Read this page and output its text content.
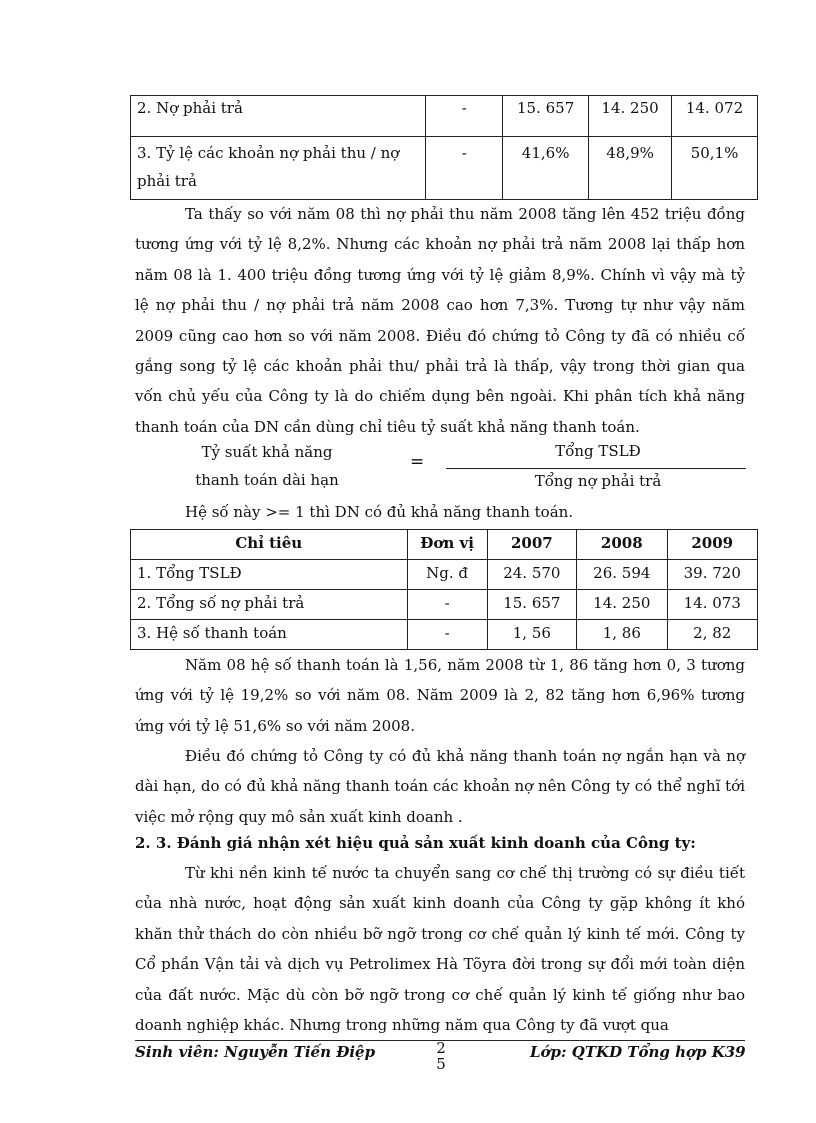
2. Nợ phải trả	-	15. 657	14. 250	14. 072
3. Tỷ lệ các khoản nợ phải thu / nợ phải trả	-	41,6%	48,9%	50,1%

Ta thấy so với năm 08 thì nợ phải thu năm 2008 tăng lên 452 triệu đồng tương ứng với tỷ lệ 8,2%. Nhưng các khoản nợ phải trả năm 2008 lại thấp hơn năm 08 là 1. 400 triệu đồng tương ứng với tỷ lệ giảm 8,9%. Chính vì vậy mà tỷ lệ nợ phải thu / nợ phải trả năm 2008 cao hơn 7,3%. Tương tự như vậy năm 2009 cũng cao hơn so với năm 2008. Điều đó chứng tỏ Công ty đã có nhiều cố gắng song tỷ lệ các khoản phải thu/ phải trả là thấp, vậy trong thời gian qua vốn chủ yếu của Công ty là do chiếm dụng bên ngoài. Khi phân tích khả năng thanh toán của DN cần dùng chỉ tiêu tỷ suất khả năng thanh toán.

Tỷ suất khả năng
thanh toán dài hạn
=
Tổng TSLĐ
Tổng nợ phải trả

Hệ số này >= 1 thì DN có đủ khả năng thanh toán.

Chỉ tiêu	Đơn vị	2007	2008	2009
1. Tổng TSLĐ	Ng. đ	24. 570	26. 594	39. 720
2. Tổng số nợ phải trả	-	15. 657	14. 250	14. 073
3. Hệ số thanh toán	-	1, 56	1, 86	2, 82

Năm 08 hệ số thanh toán là 1,56, năm 2008 từ 1, 86 tăng hơn 0, 3 tương ứng với tỷ lệ 19,2% so với năm 08. Năm 2009 là 2, 82 tăng hơn 6,96% tương ứng với tỷ lệ 51,6% so với năm 2008.

Điều đó chứng tỏ Công ty có đủ khả năng thanh toán nợ ngắn hạn và nợ dài hạn, do có đủ khả năng thanh toán các khoản nợ nên Công ty có thể nghĩ tới việc mở rộng quy mô sản xuất kinh doanh .

2. 3. Đánh giá nhận xét hiệu quả sản xuất kinh doanh của Công ty:

Từ khi nền kinh tế nước ta chuyển sang cơ chế thị trường có sự điều tiết của nhà nước, hoạt động sản xuất kinh doanh của Công ty gặp không ít khó khăn thử thách do còn nhiều bỡ ngỡ trong cơ chế quản lý kinh tế mới. Công ty Cổ phần Vận tải và dịch vụ Petrolimex Hà Tõyra đời trong sự đổi mới toàn diện của đất nước. Mặc dù còn bỡ ngỡ trong cơ chế quản lý kinh tế giống như bao doanh nghiệp khác. Nhưng trong những năm qua Công ty đã vượt qua

Sinh viên: Nguyễn Tiến Điệp	2
5
Lớp: QTKD Tổng hợp K39
